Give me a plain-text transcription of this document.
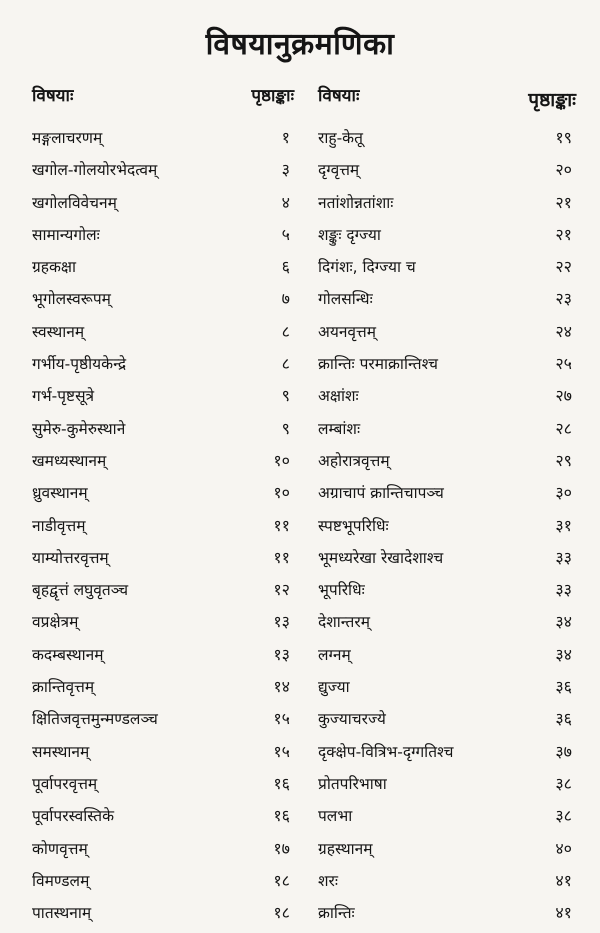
विषयानुक्रमणिका
विषयाः	पृष्ठाङ्काः
मङ्गलाचरणम्	१
खगोल-गोलयोरभेदत्वम्	३
खगोलविवेचनम्	४
सामान्यगोलः	५
ग्रहकक्षा	६
भूगोलस्वरूपम्	७
स्वस्थानम्	८
गर्भीय-पृष्ठीयकेन्द्रे	८
गर्भ-पृष्टसूत्रे	९
सुमेरु-कुमेरुस्थाने	९
खमध्यस्थानम्	१०
ध्रुवस्थानम्	१०
नाडीवृत्तम्	११
याम्योत्तरवृत्तम्	११
बृहद्वृत्तं लघुवृतञ्च	१२
वप्रक्षेत्रम्	१३
कदम्बस्थानम्	१३
क्रान्तिवृत्तम्	१४
क्षितिजवृत्तमुन्मण्डलञ्च	१५
समस्थानम्	१५
पूर्वापरवृत्तम्	१६
पूर्वापरस्वस्तिके	१६
कोणवृत्तम्	१७
विमण्डलम्	१८
पातस्थनाम्	१८
विषयाः	पृष्ठाङ्काः
राहु-केतू	१९
दृग्वृत्तम्	२०
नतांशोन्नतांशाः	२१
शङ्कुः दृग्ज्या	२१
दिगंशः, दिग्ज्या च	२२
गोलसन्धिः	२३
अयनवृत्तम्	२४
क्रान्तिः परमाक्रान्तिश्च	२५
अक्षांशः	२७
लम्बांशः	२८
अहोरात्रवृत्तम्	२९
अग्राचापं क्रान्तिचापञ्च	३०
स्पष्टभूपरिधिः	३१
भूमध्यरेखा रेखादेशाश्च	३३
भूपरिधिः	३३
देशान्तरम्	३४
लग्नम्	३४
द्युज्या	३६
कुज्याचरज्ये	३६
दृक्क्षेप-वित्रिभ-दृग्गतिश्च	३७
प्रोतपरिभाषा	३८
पलभा	३८
ग्रहस्थानम्	४०
शरः	४१
क्रान्तिः	४१
